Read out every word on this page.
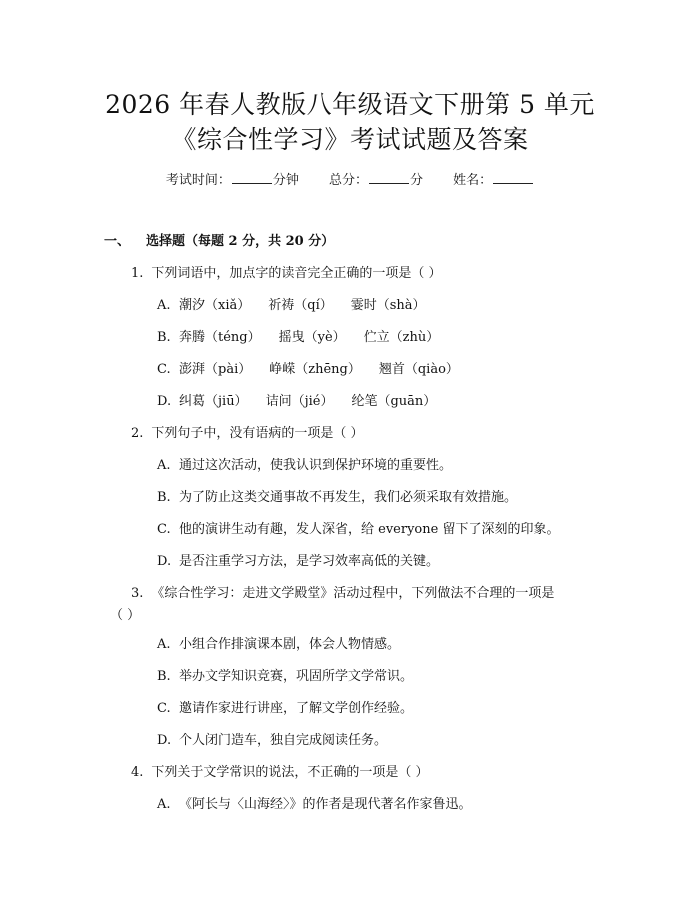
2026 年春人教版八年级语文下册第 5 单元
《综合性学习》考试试题及答案
考试时间：	分钟 总分：	分 姓名：
一、 选择题（每题 2 分，共 20 分）
1. 下列词语中，加点字的读音完全正确的一项是（ ）
A. 潮汐（xiǎ） 祈祷（qí） 霎时（shà）
B. 奔腾（téng） 摇曳（yè） 伫立（zhù）
C. 澎湃（pài） 峥嵘（zhēng） 翘首（qiào）
D. 纠葛（jiū） 诘问（jié） 纶笔（guān）
2. 下列句子中，没有语病的一项是（ ）
A. 通过这次活动，使我认识到保护环境的重要性。
B. 为了防止这类交通事故不再发生，我们必须采取有效措施。
C. 他的演讲生动有趣，发人深省，给 everyone 留下了深刻的印象。
D. 是否注重学习方法，是学习效率高低的关键。
3. 《综合性学习：走进文学殿堂》活动过程中，下列做法不合理的一项是
（ ）
A. 小组合作排演课本剧，体会人物情感。
B. 举办文学知识竞赛，巩固所学文学常识。
C. 邀请作家进行讲座，了解文学创作经验。
D. 个人闭门造车，独自完成阅读任务。
4. 下列关于文学常识的说法，不正确的一项是（ ）
A. 《阿长与〈山海经〉》的作者是现代著名作家鲁迅。
